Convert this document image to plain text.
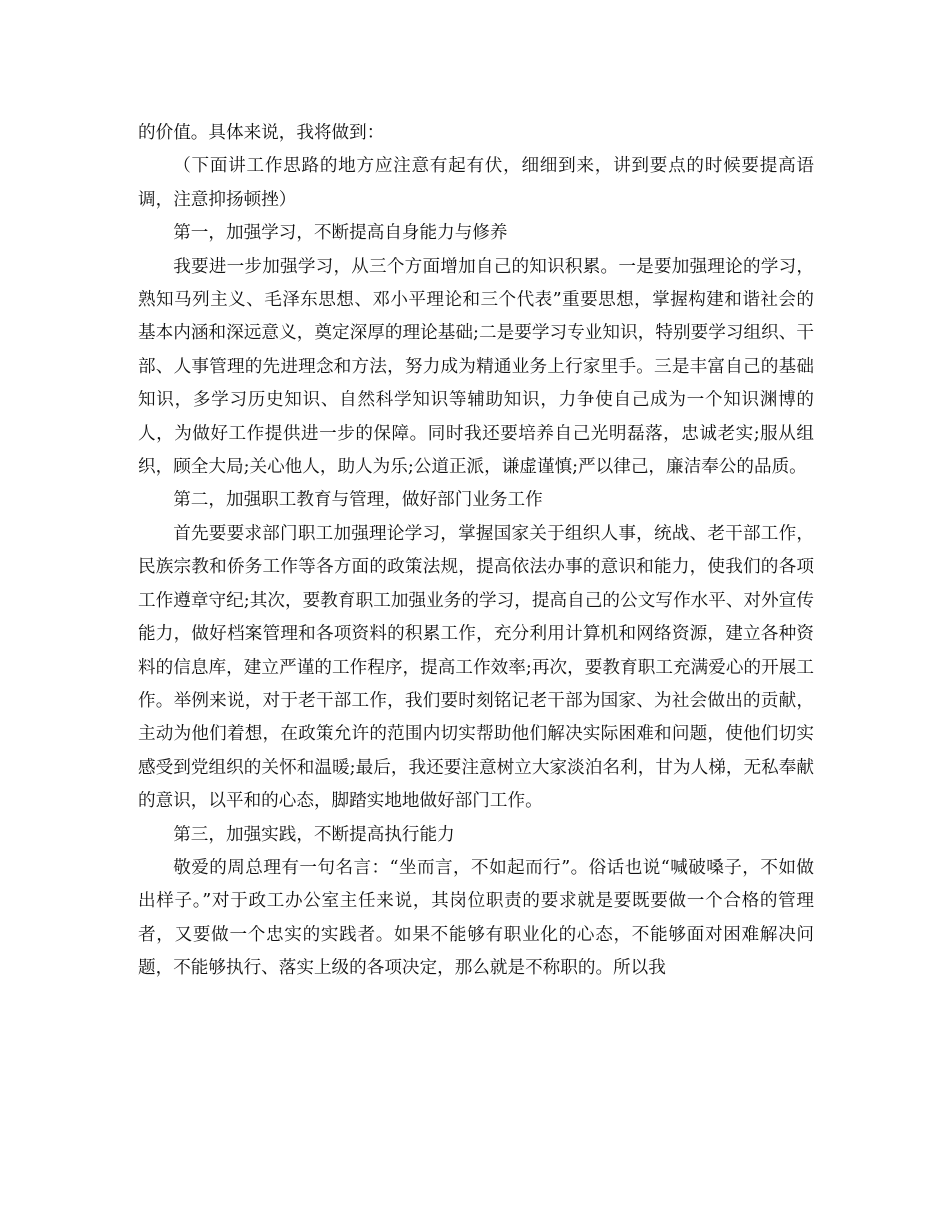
的价值。具体来说，我将做到：

（下面讲工作思路的地方应注意有起有伏，细细到来，讲到要点的时候要提高语调，注意抑扬顿挫）

第一，加强学习，不断提高自身能力与修养

我要进一步加强学习，从三个方面增加自己的知识积累。一是要加强理论的学习，熟知马列主义、毛泽东思想、邓小平理论和三个代表”重要思想，掌握构建和谐社会的基本内涵和深远意义，奠定深厚的理论基础;二是要学习专业知识，特别要学习组织、干部、人事管理的先进理念和方法，努力成为精通业务上行家里手。三是丰富自己的基础知识，多学习历史知识、自然科学知识等辅助知识，力争使自己成为一个知识渊博的人，为做好工作提供进一步的保障。同时我还要培养自己光明磊落，忠诚老实;服从组织，顾全大局;关心他人，助人为乐;公道正派，谦虚谨慎;严以律己，廉洁奉公的品质。

第二，加强职工教育与管理，做好部门业务工作

首先要要求部门职工加强理论学习，掌握国家关于组织人事，统战、老干部工作，民族宗教和侨务工作等各方面的政策法规，提高依法办事的意识和能力，使我们的各项工作遵章守纪;其次，要教育职工加强业务的学习，提高自己的公文写作水平、对外宣传能力，做好档案管理和各项资料的积累工作，充分利用计算机和网络资源，建立各种资料的信息库，建立严谨的工作程序，提高工作效率;再次，要教育职工充满爱心的开展工作。举例来说，对于老干部工作，我们要时刻铭记老干部为国家、为社会做出的贡献，主动为他们着想，在政策允许的范围内切实帮助他们解决实际困难和问题，使他们切实感受到党组织的关怀和温暖;最后，我还要注意树立大家淡泊名利，甘为人梯，无私奉献的意识，以平和的心态，脚踏实地地做好部门工作。

第三，加强实践，不断提高执行能力

敬爱的周总理有一句名言：“坐而言，不如起而行”。俗话也说“喊破嗓子，不如做出样子。”对于政工办公室主任来说，其岗位职责的要求就是要既要做一个合格的管理者，又要做一个忠实的实践者。如果不能够有职业化的心态，不能够面对困难解决问题，不能够执行、落实上级的各项决定，那么就是不称职的。所以我
